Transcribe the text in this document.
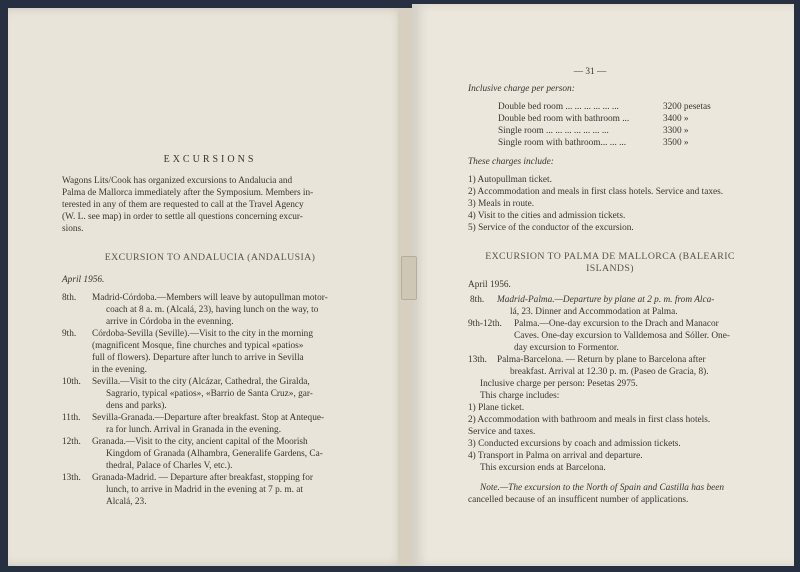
EXCURSIONS
Wagons Lits/Cook has organized excursions to Andalucia and
Palma de Mallorca immediately after the Symposium. Members in-
terested in any of them are requested to call at the Travel Agency
(W. L. see map) in order to settle all questions concerning excur-
sions.
EXCURSION TO ANDALUCIA (ANDALUSIA)
April 1956.
8th. Madrid-Córdoba.—Members will leave by autopullman motor-
coach at 8 a. m. (Alcalá, 23), having lunch on the way, to
arrive in Córdoba in the evenning.
9th. Córdoba-Sevilla (Seville).—Visit to the city in the morning
(magnificent Mosque, fine churches and typical «patios»
full of flowers). Departure after lunch to arrive in Sevilla
in the evening.
10th. Sevilla.—Visit to the city (Alcázar, Cathedral, the Giralda,
Sagrario, typical «patios», «Barrio de Santa Cruz», gar-
dens and parks).
11th. Sevilla-Granada.—Departure after breakfast. Stop at Anteque-
ra for lunch. Arrival in Granada in the evening.
12th. Granada.—Visit to the city, ancient capital of the Moorish
Kingdom of Granada (Alhambra, Generalife Gardens, Ca-
thedral, Palace of Charles V, etc.).
13th. Granada-Madrid. — Departure after breakfast, stopping for
lunch, to arrive in Madrid in the evening at 7 p. m. at
Alcalá, 23.
— 31 —
Inclusive charge per person:
Double bed room ... ... ... ... ... ...	3200 pesetas
Double bed room with bathroom ...	3400 »
Single room ... ... ... ... ... ... ...	3300 »
Single room with bathroom... ... ...	3500 »
These charges include:
1) Autopullman ticket.
2) Accommodation and meals in first class hotels. Service and taxes.
3) Meals in route.
4) Visit to the cities and admission tickets.
5) Service of the conductor of the excursion.
EXCURSION TO PALMA DE MALLORCA (BALEARIC
ISLANDS)
April 1956.
8th. Madrid-Palma.—Departure by plane at 2 p. m. from Alca-
lá, 23. Dinner and Accommodation at Palma.
9th-12th. Palma.—One-day excursion to the Drach and Manacor
Caves. One-day excursion to Valldemosa and Sóller. One-
day excursion to Formentor.
13th. Palma-Barcelona. — Return by plane to Barcelona after
breakfast. Arrival at 12.30 p. m. (Paseo de Gracia, 8).
Inclusive charge per person: Pesetas 2975.
This charge includes:
1) Plane ticket.
2) Accommodation with bathroom and meals in first class hotels.
Service and taxes.
3) Conducted excursions by coach and admission tickets.
4) Transport in Palma on arrival and departure.
This excursion ends at Barcelona.
Note.—The excursion to the North of Spain and Castilla has been
cancelled because of an insufficent number of applications.
